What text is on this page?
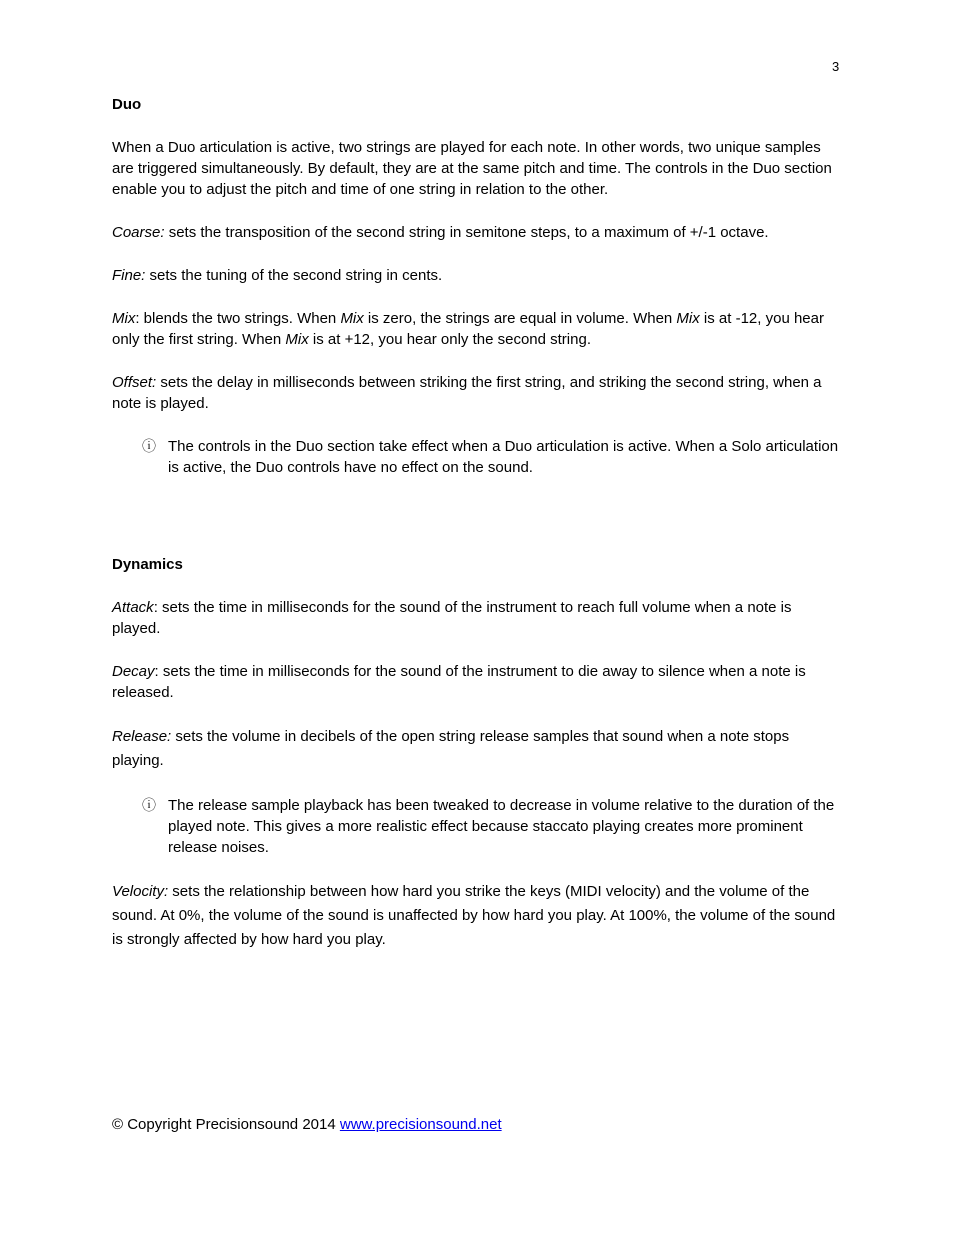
3
Duo
When a Duo articulation is active, two strings are played for each note. In other words, two unique samples are triggered simultaneously. By default, they are at the same pitch and time. The controls in the Duo section enable you to adjust the pitch and time of one string in relation to the other.
Coarse: sets the transposition of the second string in semitone steps, to a maximum of +/-1 octave.
Fine: sets the tuning of the second string in cents.
Mix: blends the two strings. When Mix is zero, the strings are equal in volume. When Mix is at -12, you hear only the first string. When Mix is at +12, you hear only the second string.
Offset: sets the delay in milliseconds between striking the first string, and striking the second string, when a note is played.
ⓘ The controls in the Duo section take effect when a Duo articulation is active. When a Solo articulation is active, the Duo controls have no effect on the sound.
Dynamics
Attack: sets the time in milliseconds for the sound of the instrument to reach full volume when a note is played.
Decay: sets the time in milliseconds for the sound of the instrument to die away to silence when a note is released.
Release: sets the volume in decibels of the open string release samples that sound when a note stops playing.
ⓘ The release sample playback has been tweaked to decrease in volume relative to the duration of the played note. This gives a more realistic effect because staccato playing creates more prominent release noises.
Velocity: sets the relationship between how hard you strike the keys (MIDI velocity) and the volume of the sound. At 0%, the volume of the sound is unaffected by how hard you play. At 100%, the volume of the sound is strongly affected by how hard you play.
© Copyright Precisionsound 2014 www.precisionsound.net
